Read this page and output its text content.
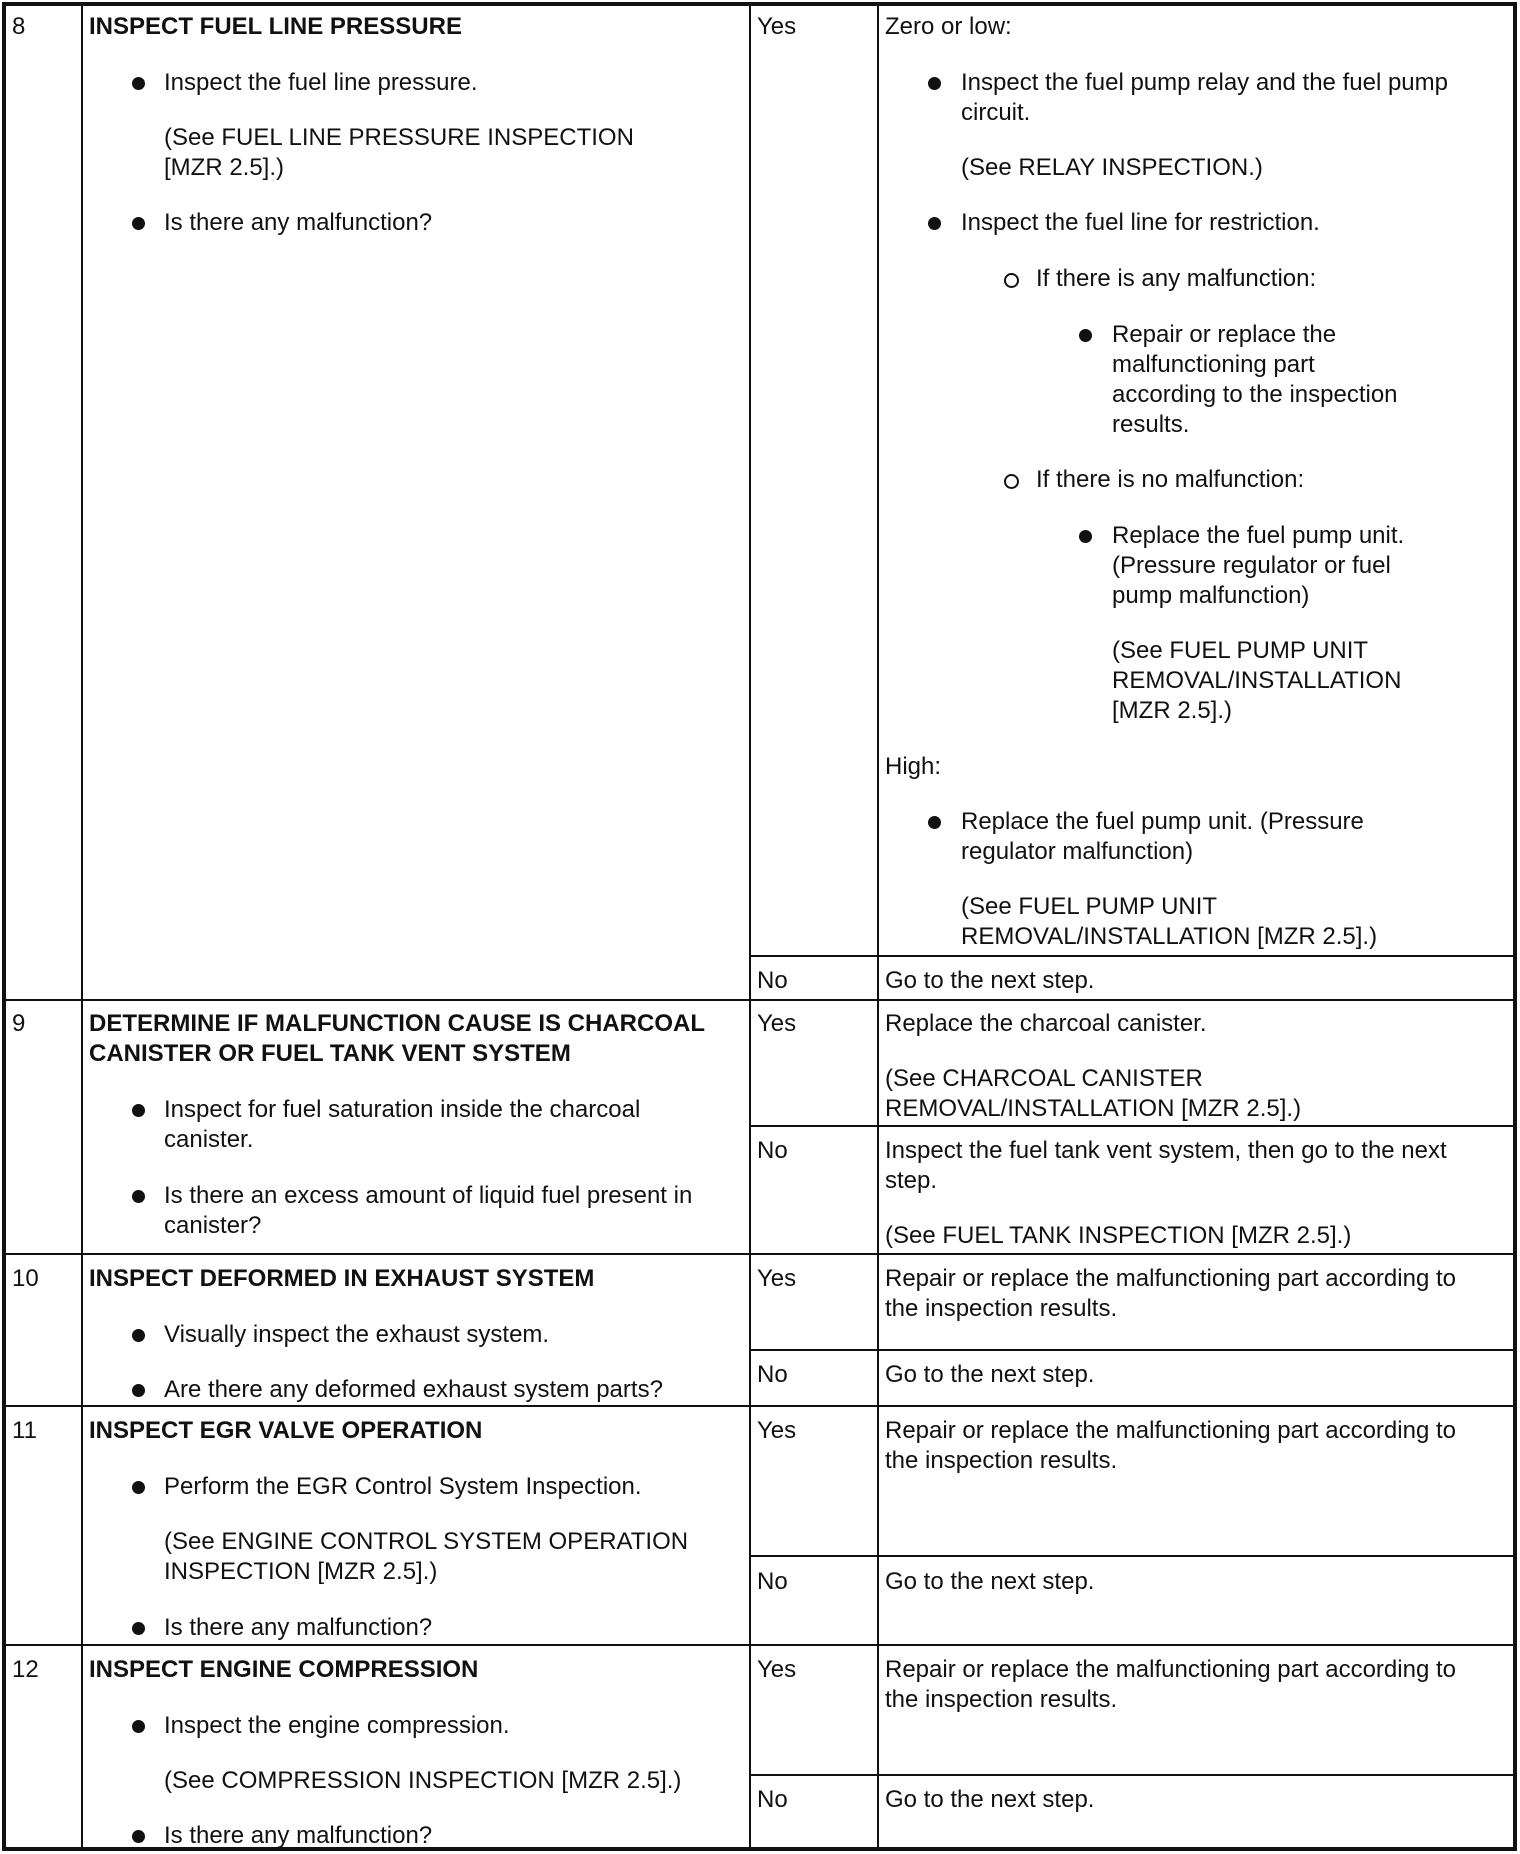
8	INSPECT FUEL LINE PRESSURE
Inspect the fuel line pressure.
(See FUEL LINE PRESSURE INSPECTION
[MZR 2.5].)
Is there any malfunction?
Yes	Zero or low:
Inspect the fuel pump relay and the fuel pump
circuit.
(See RELAY INSPECTION.)
Inspect the fuel line for restriction.
If there is any malfunction:
Repair or replace the
malfunctioning part
according to the inspection
results.
If there is no malfunction:
Replace the fuel pump unit.
(Pressure regulator or fuel
pump malfunction)
(See FUEL PUMP UNIT
REMOVAL/INSTALLATION
[MZR 2.5].)
High:
Replace the fuel pump unit. (Pressure
regulator malfunction)
(See FUEL PUMP UNIT
REMOVAL/INSTALLATION [MZR 2.5].)
No	Go to the next step.
9	DETERMINE IF MALFUNCTION CAUSE IS CHARCOAL
CANISTER OR FUEL TANK VENT SYSTEM
Inspect for fuel saturation inside the charcoal
canister.
Is there an excess amount of liquid fuel present in
canister?
Yes	Replace the charcoal canister.
(See CHARCOAL CANISTER
REMOVAL/INSTALLATION [MZR 2.5].)
No	Inspect the fuel tank vent system, then go to the next
step.
(See FUEL TANK INSPECTION [MZR 2.5].)
10 INSPECT DEFORMED IN EXHAUST SYSTEM
Visually inspect the exhaust system.
Are there any deformed exhaust system parts?
Yes	Repair or replace the malfunctioning part according to
the inspection results.
No	Go to the next step.
11 INSPECT EGR VALVE OPERATION
Perform the EGR Control System Inspection.
(See ENGINE CONTROL SYSTEM OPERATION
INSPECTION [MZR 2.5].)
Is there any malfunction?
Yes	Repair or replace the malfunctioning part according to
the inspection results.
No	Go to the next step.
12 INSPECT ENGINE COMPRESSION
Inspect the engine compression.
(See COMPRESSION INSPECTION [MZR 2.5].)
Is there any malfunction?
Yes	Repair or replace the malfunctioning part according to
the inspection results.
No	Go to the next step.
